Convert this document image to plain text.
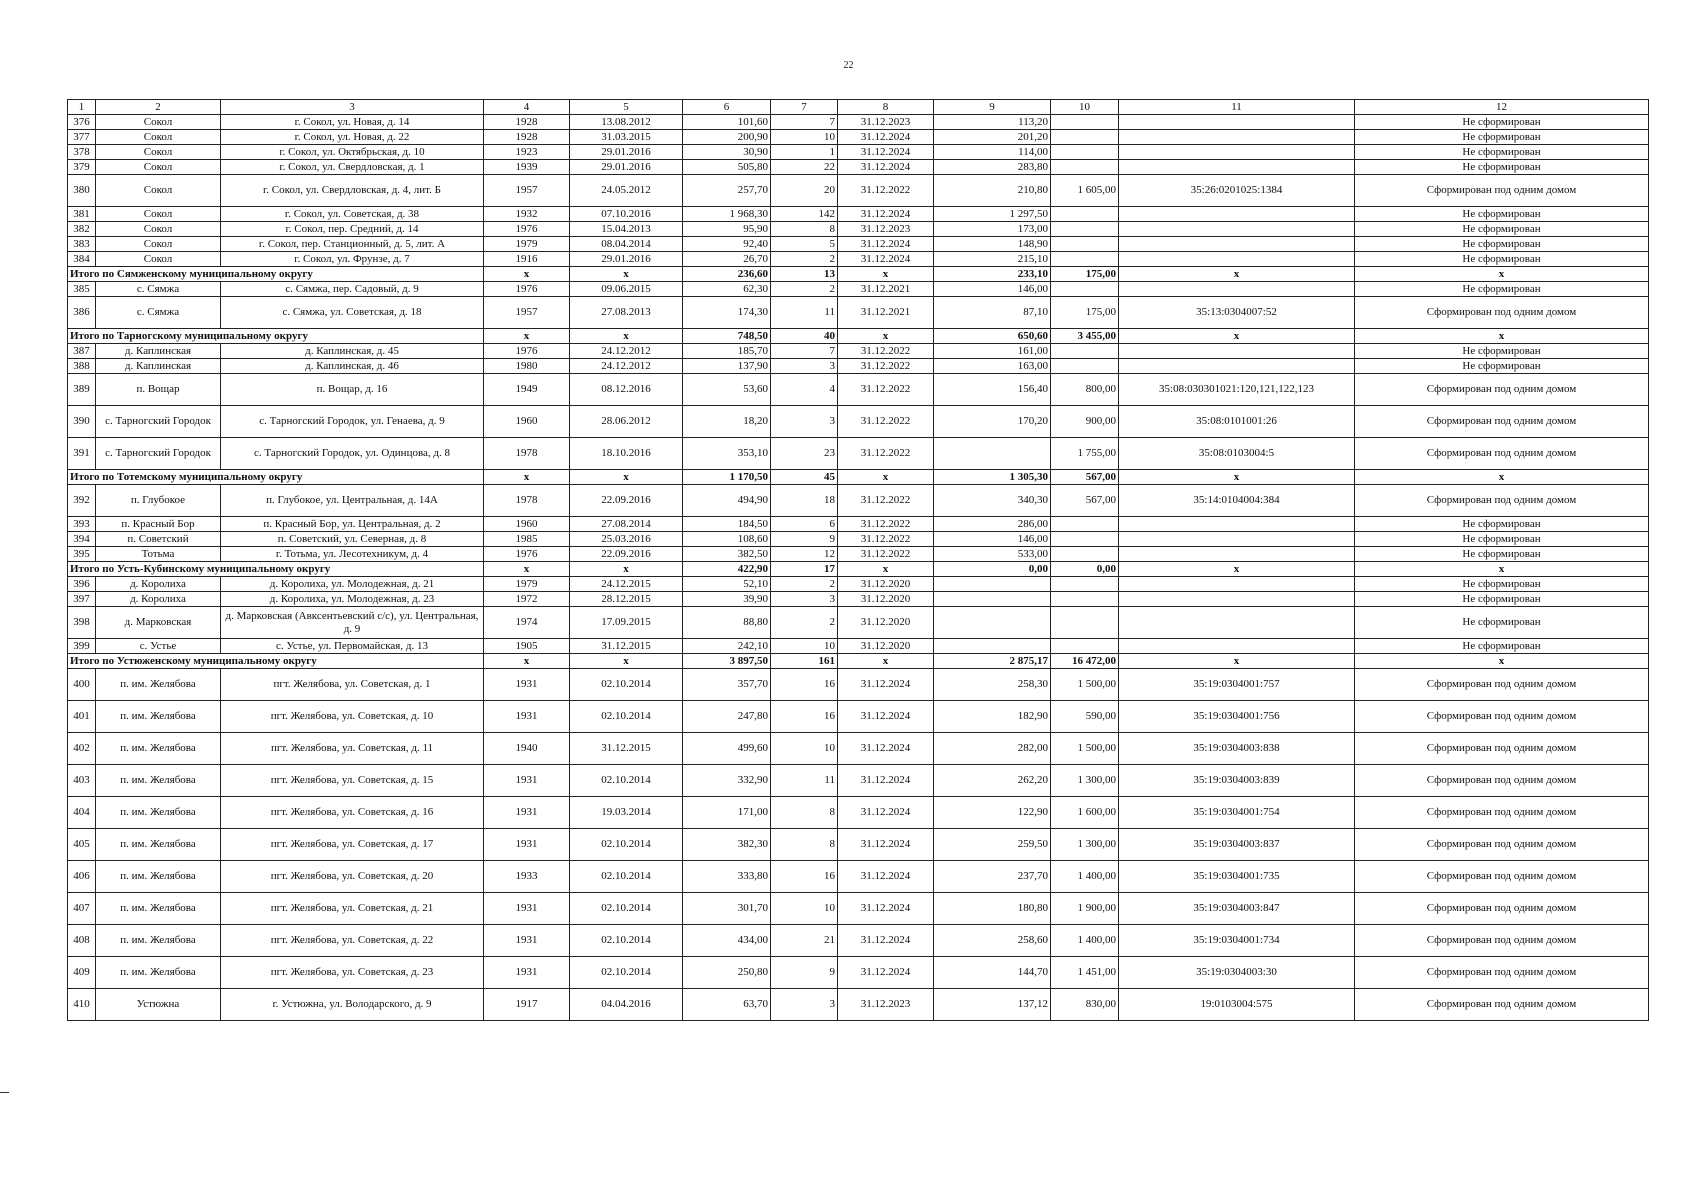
22
1	2	3	4	5	6	7	8	9	10	11	12
376	Сокол	г. Сокол, ул. Новая, д. 14	1928	13.08.2012	101,60	7	31.12.2023	113,20			Не сформирован
377	Сокол	г. Сокол, ул. Новая, д. 22	1928	31.03.2015	200,90	10	31.12.2024	201,20			Не сформирован
378	Сокол	г. Сокол, ул. Октябрьская, д. 10	1923	29.01.2016	30,90	1	31.12.2024	114,00			Не сформирован
379	Сокол	г. Сокол, ул. Свердловская, д. 1	1939	29.01.2016	505,80	22	31.12.2024	283,80			Не сформирован
380	Сокол	г. Сокол, ул. Свердловская, д. 4, лит. Б	1957	24.05.2012	257,70	20	31.12.2022	210,80	1 605,00	35:26:0201025:1384	Сформирован под одним домом
381	Сокол	г. Сокол, ул. Советская, д. 38	1932	07.10.2016	1 968,30	142	31.12.2024	1 297,50			Не сформирован
382	Сокол	г. Сокол, пер. Средний, д. 14	1976	15.04.2013	95,90	8	31.12.2023	173,00			Не сформирован
383	Сокол	г. Сокол, пер. Станционный, д. 5, лит. А	1979	08.04.2014	92,40	5	31.12.2024	148,90			Не сформирован
384	Сокол	г. Сокол, ул. Фрунзе, д. 7	1916	29.01.2016	26,70	2	31.12.2024	215,10			Не сформирован
Итого по Сямженскому муниципальному округу			x	x	236,60	13	x	233,10	175,00	x	x
385	с. Сямжа	с. Сямжа, пер. Садовый, д. 9	1976	09.06.2015	62,30	2	31.12.2021	146,00			Не сформирован
386	с. Сямжа	с. Сямжа, ул. Советская, д. 18	1957	27.08.2013	174,30	11	31.12.2021	87,10	175,00	35:13:0304007:52	Сформирован под одним домом
Итого по Тарногскому муниципальному округу			x	x	748,50	40	x	650,60	3 455,00	x	x
387	д. Каплинская	д. Каплинская, д. 45	1976	24.12.2012	185,70	7	31.12.2022	161,00			Не сформирован
388	д. Каплинская	д. Каплинская, д. 46	1980	24.12.2012	137,90	3	31.12.2022	163,00			Не сформирован
389	п. Вощар	п. Вощар, д. 16	1949	08.12.2016	53,60	4	31.12.2022	156,40	800,00	35:08:030301021:120,121,122,123	Сформирован под одним домом
390	с. Тарногский Городок	с. Тарногский Городок, ул. Генаева, д. 9	1960	28.06.2012	18,20	3	31.12.2022	170,20	900,00	35:08:0101001:26	Сформирован под одним домом
391	с. Тарногский Городок	с. Тарногский Городок, ул. Одинцова, д. 8	1978	18.10.2016	353,10	23	31.12.2022		1 755,00	35:08:0103004:5	Сформирован под одним домом
Итого по Тотемскому муниципальному округу			x	x	1 170,50	45	x	1 305,30	567,00	x	x
392	п. Глубокое	п. Глубокое, ул. Центральная, д. 14А	1978	22.09.2016	494,90	18	31.12.2022	340,30	567,00	35:14:0104004:384	Сформирован под одним домом
393	п. Красный Бор	п. Красный Бор, ул. Центральная, д. 2	1960	27.08.2014	184,50	6	31.12.2022	286,00			Не сформирован
394	п. Советский	п. Советский, ул. Северная, д. 8	1985	25.03.2016	108,60	9	31.12.2022	146,00			Не сформирован
395	Тотьма	г. Тотьма, ул. Лесотехникум, д. 4	1976	22.09.2016	382,50	12	31.12.2022	533,00			Не сформирован
Итого по Усть-Кубинскому муниципальному округу			x	x	422,90	17	x	0,00	0,00	x	x
396	д. Королиха	д. Королиха, ул. Молодежная, д. 21	1979	24.12.2015	52,10	2	31.12.2020				Не сформирован
397	д. Королиха	д. Королиха, ул. Молодежная, д. 23	1972	28.12.2015	39,90	3	31.12.2020				Не сформирован
398	д. Марковская	д. Марковская (Авксентьевский с/с), ул. Центральная, д. 9	1974	17.09.2015	88,80	2	31.12.2020				Не сформирован
399	с. Устье	с. Устье, ул. Первомайская, д. 13	1905	31.12.2015	242,10	10	31.12.2020				Не сформирован
Итого по Устюженскому муниципальному округу			x	x	3 897,50	161	x	2 875,17	16 472,00	x	x
400	п. им. Желябова	пгт. Желябова, ул. Советская, д. 1	1931	02.10.2014	357,70	16	31.12.2024	258,30	1 500,00	35:19:0304001:757	Сформирован под одним домом
401	п. им. Желябова	пгт. Желябова, ул. Советская, д. 10	1931	02.10.2014	247,80	16	31.12.2024	182,90	590,00	35:19:0304001:756	Сформирован под одним домом
402	п. им. Желябова	пгт. Желябова, ул. Советская, д. 11	1940	31.12.2015	499,60	10	31.12.2024	282,00	1 500,00	35:19:0304003:838	Сформирован под одним домом
403	п. им. Желябова	пгт. Желябова, ул. Советская, д. 15	1931	02.10.2014	332,90	11	31.12.2024	262,20	1 300,00	35:19:0304003:839	Сформирован под одним домом
404	п. им. Желябова	пгт. Желябова, ул. Советская, д. 16	1931	19.03.2014	171,00	8	31.12.2024	122,90	1 600,00	35:19:0304001:754	Сформирован под одним домом
405	п. им. Желябова	пгт. Желябова, ул. Советская, д. 17	1931	02.10.2014	382,30	8	31.12.2024	259,50	1 300,00	35:19:0304003:837	Сформирован под одним домом
406	п. им. Желябова	пгт. Желябова, ул. Советская, д. 20	1933	02.10.2014	333,80	16	31.12.2024	237,70	1 400,00	35:19:0304001:735	Сформирован под одним домом
407	п. им. Желябова	пгт. Желябова, ул. Советская, д. 21	1931	02.10.2014	301,70	10	31.12.2024	180,80	1 900,00	35:19:0304003:847	Сформирован под одним домом
408	п. им. Желябова	пгт. Желябова, ул. Советская, д. 22	1931	02.10.2014	434,00	21	31.12.2024	258,60	1 400,00	35:19:0304001:734	Сформирован под одним домом
409	п. им. Желябова	пгт. Желябова, ул. Советская, д. 23	1931	02.10.2014	250,80	9	31.12.2024	144,70	1 451,00	35:19:0304003:30	Сформирован под одним домом
410	Устюжна	г. Устюжна, ул. Володарского, д. 9	1917	04.04.2016	63,70	3	31.12.2023	137,12	830,00	19:0103004:575	Сформирован под одним домом
